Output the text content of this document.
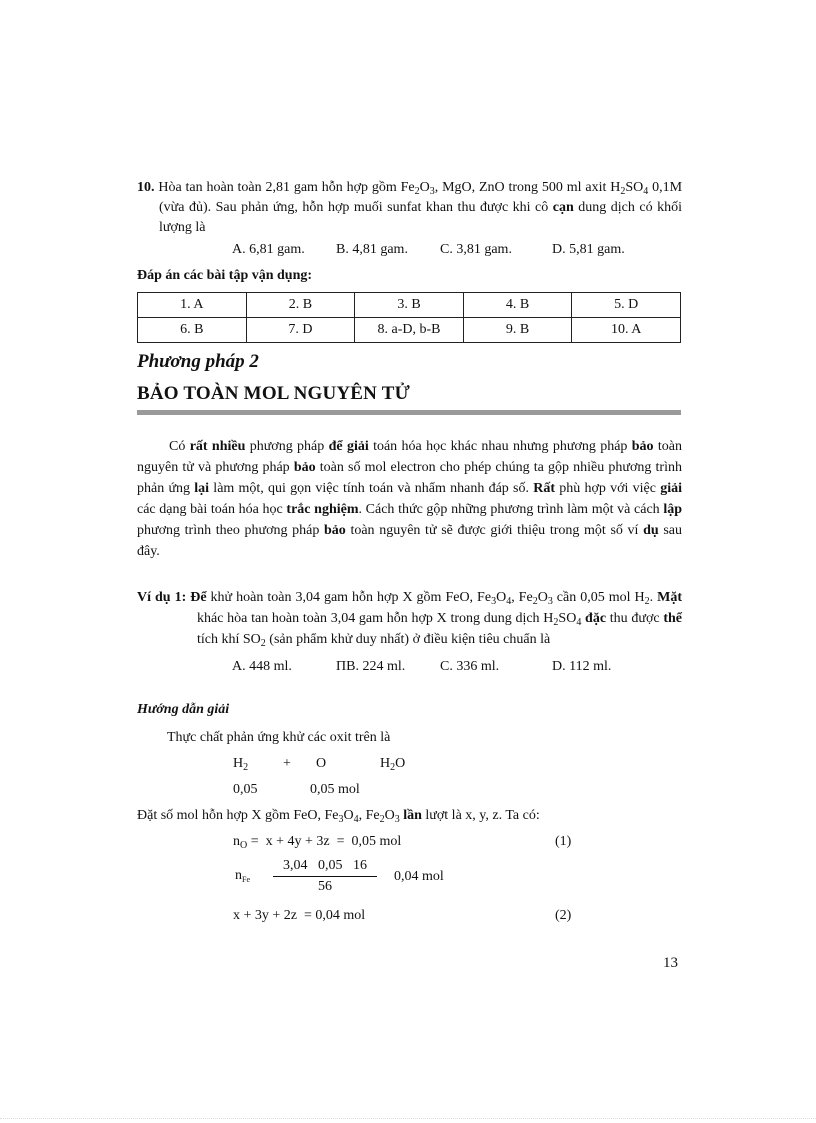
10. Hòa tan hoàn toàn 2,81 gam hỗn hợp gồm $Fe_2O_3$, MgO, ZnO trong 500 ml axit $H_2SO_4$ 0,1M (vừa đủ). Sau phản ứng, hỗn hợp muối sunfat khan thu được khi cô cạn dung dịch có khối lượng là
A. 6,81 gam.	B. 4,81 gam.	C. 3,81 gam.	D. 5,81 gam.
Đáp án các bài tập vận dụng:
1. A	2. B	3. B	4. B	5. D
6. B	7. D	8. a-D, b-B	9. B	10. A
Phương pháp 2
BẢO TOÀN MOL NGUYÊN TỬ
Có rất nhiều phương pháp để giải toán hóa học khác nhau nhưng phương pháp bảo toàn nguyên tử và phương pháp bảo toàn số mol electron cho phép chúng ta gộp nhiều phương trình phản ứng lại làm một, qui gọn việc tính toán và nhẩm nhanh đáp số. Rất phù hợp với việc giải các dạng bài toán hóa học trắc nghiệm. Cách thức gộp những phương trình làm một và cách lập phương trình theo phương pháp bảo toàn nguyên tử sẽ được giới thiệu trong một số ví dụ sau đây.
Ví dụ 1: Để khử hoàn toàn 3,04 gam hỗn hợp X gồm FeO, $Fe_3O_4$, $Fe_2O_3$ cần 0,05 mol $H_2$. Mặt khác hòa tan hoàn toàn 3,04 gam hỗn hợp X trong dung dịch $H_2SO_4$ đặc thu được thể tích khí $SO_2$ (sản phẩm khử duy nhất) ở điều kiện tiêu chuẩn là
A. 448 ml.	ΠB. 224 ml.	C. 336 ml.	D. 112 ml.
Hướng dẫn giải
Thực chất phản ứng khử các oxit trên là
$H_2 + O$	$H_2O$
0,05	0,05 mol
Đặt số mol hỗn hợp X gồm FeO, $Fe_3O_4$, $Fe_2O_3$ lần lượt là x, y, z. Ta có:
$n_O = x + 4y + 3z = 0,05$ mol	(1)
$n_{Fe} \frac{3,04 0,05 16}{56} 0,04$ mol
x + 3y + 2z  = 0,04 mol	(2)
13
